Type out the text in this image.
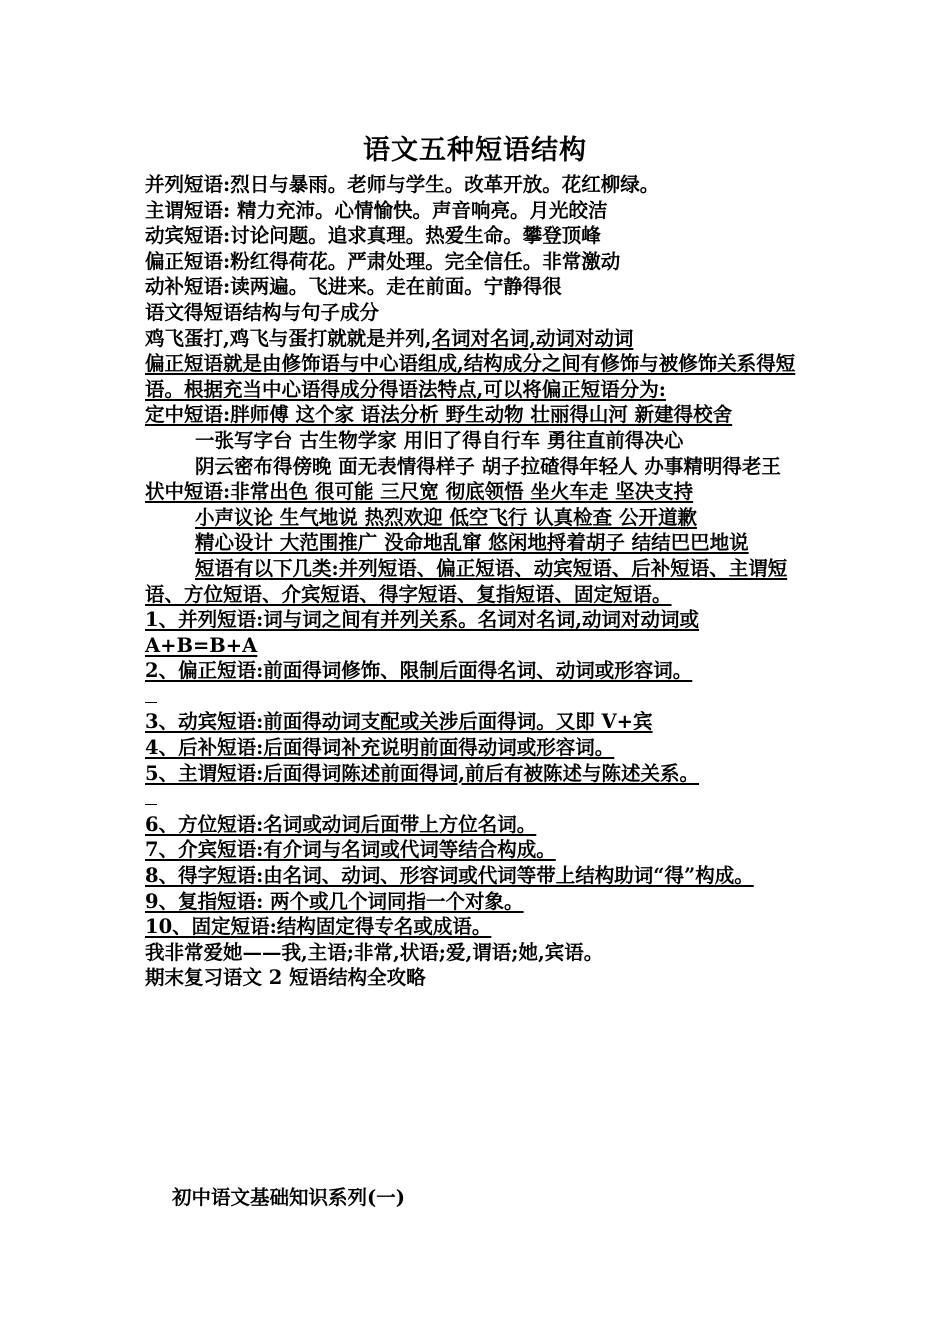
语文五种短语结构

并列短语:烈日与暴雨。老师与学生。改革开放。花红柳绿。

主谓短语: 精力充沛。心情愉快。声音响亮。月光皎洁

动宾短语:讨论问题。追求真理。热爱生命。攀登顶峰

偏正短语:粉红得荷花。严肃处理。完全信任。非常激动

动补短语:读两遍。飞进来。走在前面。宁静得很

语文得短语结构与句子成分

鸡飞蛋打,鸡飞与蛋打就就是并列,名词对名词,动词对动词

偏正短语就是由修饰语与中心语组成,结构成分之间有修饰与被修饰关系得短语。根据充当中心语得成分得语法特点,可以将偏正短语分为:

定中短语:胖师傅 这个家 语法分析 野生动物 壮丽得山河 新建得校舍

一张写字台 古生物学家 用旧了得自行车 勇往直前得决心

阴云密布得傍晚 面无表情得样子 胡子拉碴得年轻人 办事精明得老王

状中短语:非常出色 很可能 三尺宽 彻底领悟 坐火车走 坚决支持

小声议论 生气地说 热烈欢迎 低空飞行 认真检查 公开道歉

精心设计 大范围推广 没命地乱窜 悠闲地捋着胡子 结结巴巴地说

短语有以下几类:并列短语、偏正短语、动宾短语、后补短语、主谓短语、方位短语、介宾短语、得字短语、复指短语、固定短语。

1、并列短语:词与词之间有并列关系。名词对名词,动词对动词或 A+B=B+A

2、偏正短语:前面得词修饰、限制后面得名词、动词或形容词。

3、动宾短语:前面得动词支配或关涉后面得词。又即 V+宾

4、后补短语:后面得词补充说明前面得动词或形容词。

5、主谓短语:后面得词陈述前面得词,前后有被陈述与陈述关系。

6、方位短语:名词或动词后面带上方位名词。

7、介宾短语:有介词与名词或代词等结合构成。

8、得字短语:由名词、动词、形容词或代词等带上结构助词“得”构成。

9、复指短语: 两个或几个词同指一个对象。

10、固定短语:结构固定得专名或成语。

我非常爱她——我,主语;非常,状语;爱,谓语;她,宾语。

期末复习语文 2 短语结构全攻略

初中语文基础知识系列(一)
